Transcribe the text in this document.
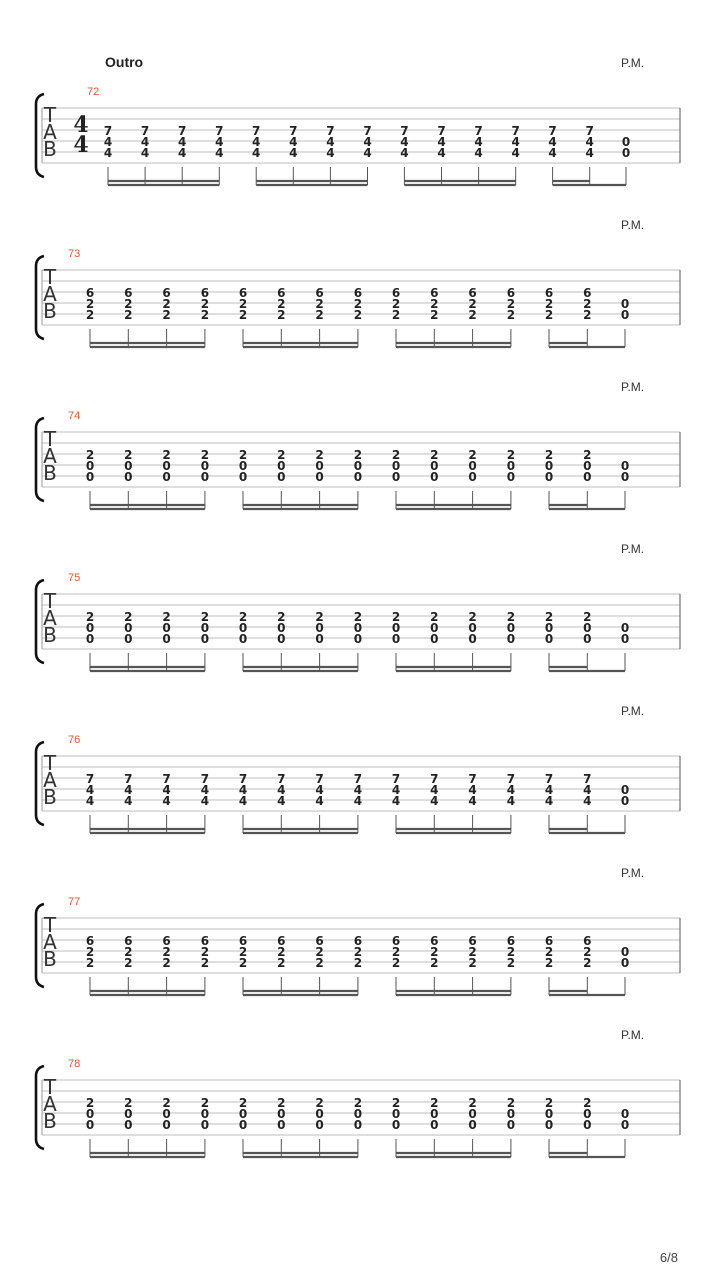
Outro	P.M.
72
T
A
B
4
4
7
4
4
7
4
4
7
4
4
7
4
4
7
4
4
7
4
4
7
4
4
7
4
4
7
4
4
7
4
4
7
4
4
7
4
4
7
4
4
7
4
4
0
0
P.M.
73
T
A
B
6
2
2
6
2
2
6
2
2
6
2
2
6
2
2
6
2
2
6
2
2
6
2
2
6
2
2
6
2
2
6
2
2
6
2
2
6
2
2
6
2
2
0
0
P.M.
74
T
A
B
2
0
0
2
0
0
2
0
0
2
0
0
2
0
0
2
0
0
2
0
0
2
0
0
2
0
0
2
0
0
2
0
0
2
0
0
2
0
0
2
0
0
0
0
P.M.
75
T
A
B
2
0
0
2
0
0
2
0
0
2
0
0
2
0
0
2
0
0
2
0
0
2
0
0
2
0
0
2
0
0
2
0
0
2
0
0
2
0
0
2
0
0
0
0
P.M.
76
T
A
B
7
4
4
7
4
4
7
4
4
7
4
4
7
4
4
7
4
4
7
4
4
7
4
4
7
4
4
7
4
4
7
4
4
7
4
4
7
4
4
7
4
4
0
0
P.M.
77
T
A
B
6
2
2
6
2
2
6
2
2
6
2
2
6
2
2
6
2
2
6
2
2
6
2
2
6
2
2
6
2
2
6
2
2
6
2
2
6
2
2
6
2
2
0
0
P.M.
78
T
A
B
2
0
0
2
0
0
2
0
0
2
0
0
2
0
0
2
0
0
2
0
0
2
0
0
2
0
0
2
0
0
2
0
0
2
0
0
2
0
0
2
0
0
0
0
6/8
